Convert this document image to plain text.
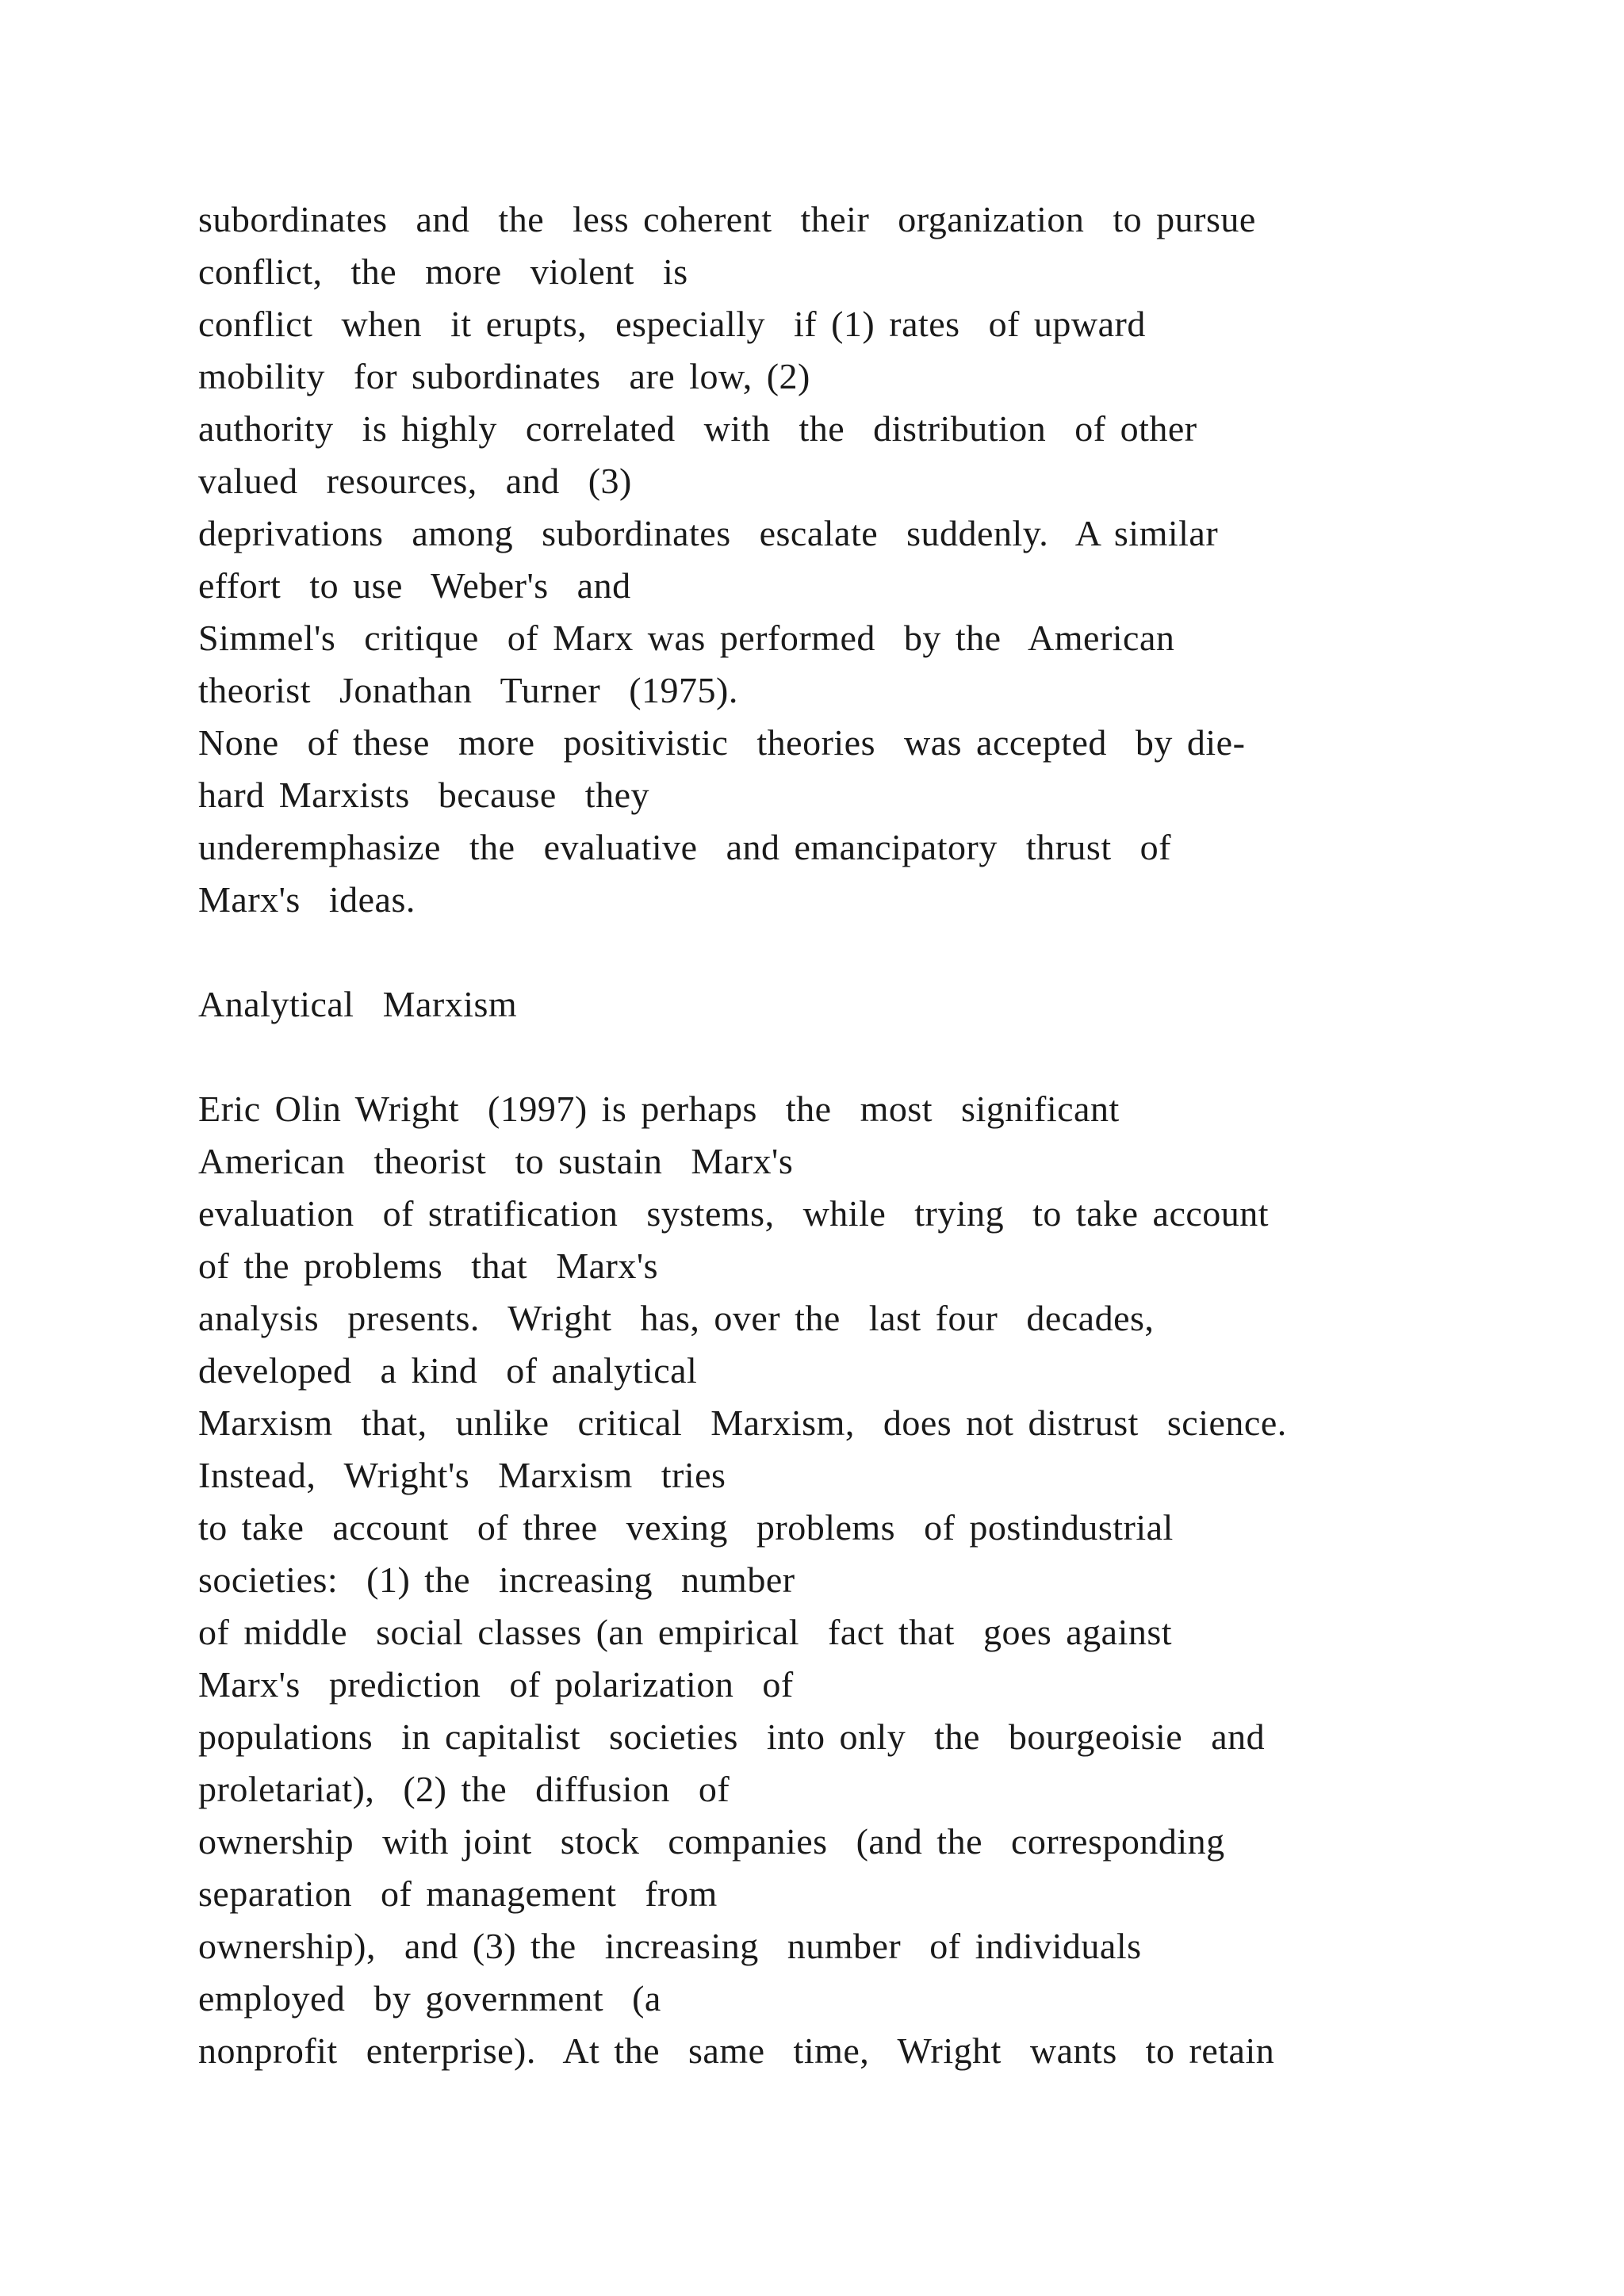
subordinates  and  the  less coherent  their  organization  to pursue
conflict,  the  more  violent  is
conflict  when  it erupts,  especially  if (1) rates  of upward
mobility  for subordinates  are low, (2)
authority  is highly  correlated  with  the  distribution  of other
valued  resources,  and  (3)
deprivations  among  subordinates  escalate  suddenly.  A similar
effort  to use  Weber's  and
Simmel's  critique  of Marx was performed  by the  American
theorist  Jonathan  Turner  (1975).
None  of these  more  positivistic  theories  was accepted  by die-
hard Marxists  because  they
underemphasize  the  evaluative  and emancipatory  thrust  of
Marx's  ideas.
Analytical  Marxism
Eric Olin Wright  (1997) is perhaps  the  most  significant
American  theorist  to sustain  Marx's
evaluation  of stratification  systems,  while  trying  to take account
of the problems  that  Marx's
analysis  presents.  Wright  has, over the  last four  decades,
developed  a kind  of analytical
Marxism  that,  unlike  critical  Marxism,  does not distrust  science.
Instead,  Wright's  Marxism  tries
to take  account  of three  vexing  problems  of postindustrial
societies:  (1) the  increasing  number
of middle  social classes (an empirical  fact that  goes against
Marx's  prediction  of polarization  of
populations  in capitalist  societies  into only  the  bourgeoisie  and
proletariat),  (2) the  diffusion  of
ownership  with joint  stock  companies  (and the  corresponding
separation  of management  from
ownership),  and (3) the  increasing  number  of individuals
employed  by government  (a
nonprofit  enterprise).  At the  same  time,  Wright  wants  to retain
